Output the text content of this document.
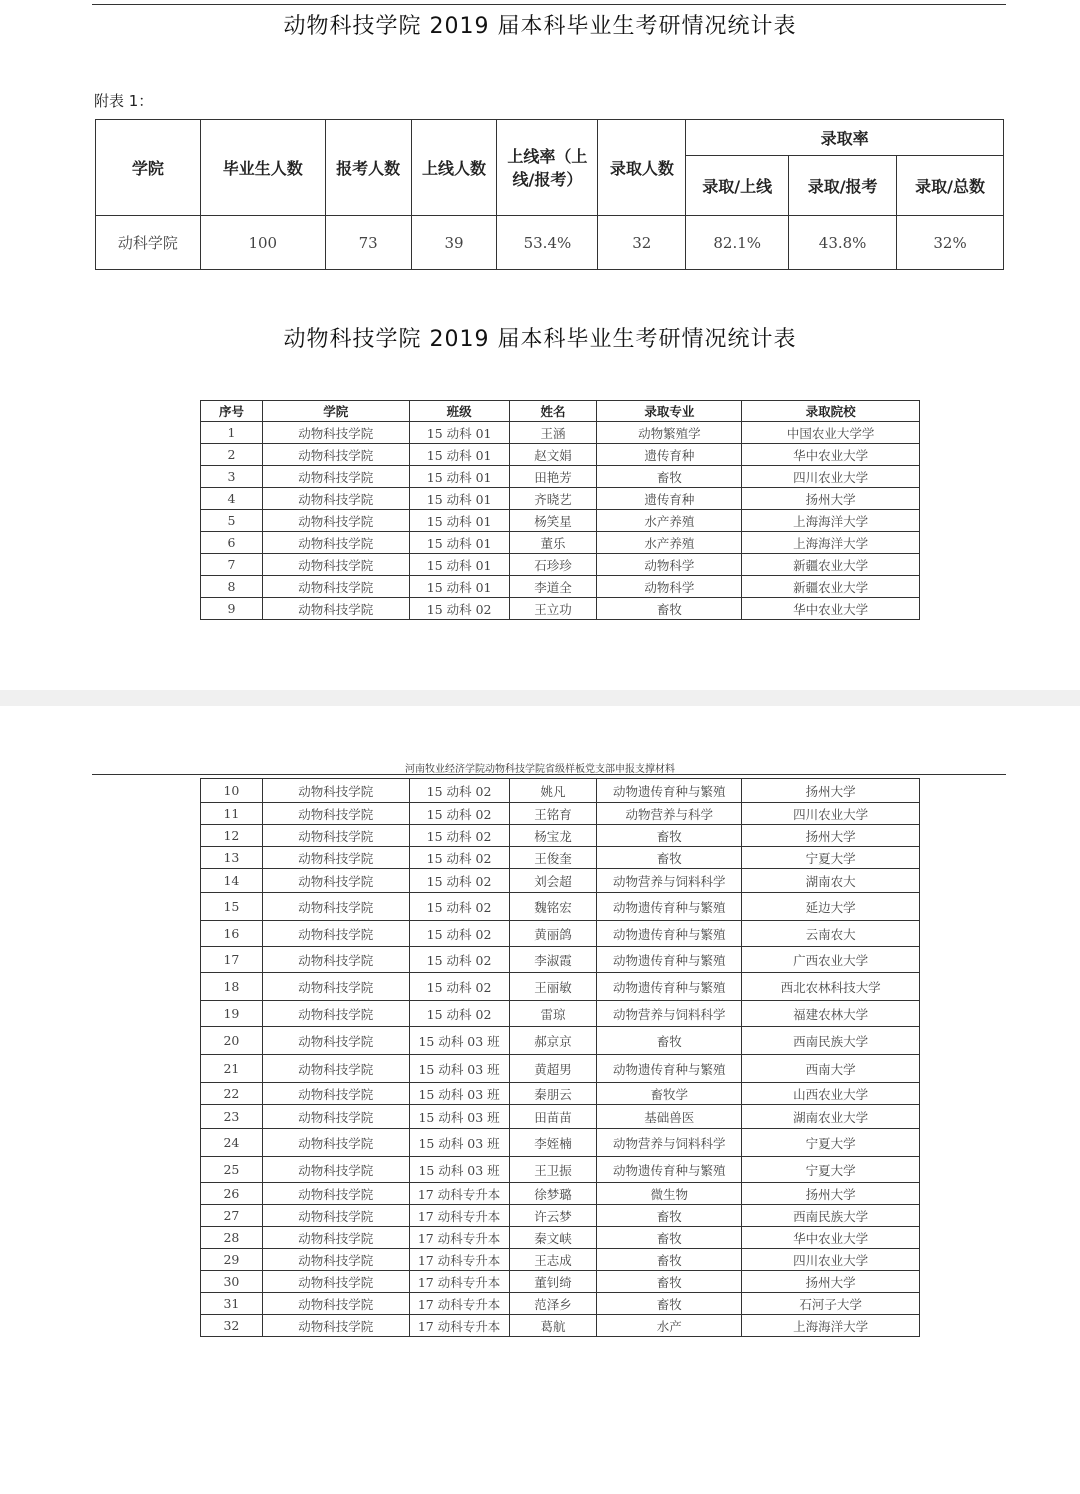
动物科技学院 2019 届本科毕业生考研情况统计表
附表 1：
学院	毕业生人数	报考人数	上线人数	上线率（上线/报考）	录取人数	录取率		
						录取/上线	录取/报考	录取/总数
动科学院	100	73	39	53.4%	32	82.1%	43.8%	32%
动物科技学院 2019 届本科毕业生考研情况统计表
序号	学院	班级	姓名	录取专业	录取院校
1	动物科技学院	15 动科 01	王涵	动物繁殖学	中国农业大学学
2	动物科技学院	15 动科 01	赵文娟	遗传育种	华中农业大学
3	动物科技学院	15 动科 01	田艳芳	畜牧	四川农业大学
4	动物科技学院	15 动科 01	齐晓艺	遗传育种	扬州大学
5	动物科技学院	15 动科 01	杨笑星	水产养殖	上海海洋大学
6	动物科技学院	15 动科 01	董乐	水产养殖	上海海洋大学
7	动物科技学院	15 动科 01	石珍珍	动物科学	新疆农业大学
8	动物科技学院	15 动科 01	李道全	动物科学	新疆农业大学
9	动物科技学院	15 动科 02	王立功	畜牧	华中农业大学
河南牧业经济学院动物科技学院省级样板党支部申报支撑材料
10	动物科技学院	15 动科 02	姚凡	动物遗传育种与繁殖	扬州大学
11	动物科技学院	15 动科 02	王铭育	动物营养与科学	四川农业大学
12	动物科技学院	15 动科 02	杨宝龙	畜牧	扬州大学
13	动物科技学院	15 动科 02	王俊奎	畜牧	宁夏大学
14	动物科技学院	15 动科 02	刘会超	动物营养与饲料科学	湖南农大
15	动物科技学院	15 动科 02	魏铭宏	动物遗传育种与繁殖	延边大学
16	动物科技学院	15 动科 02	黄丽鸽	动物遗传育种与繁殖	云南农大
17	动物科技学院	15 动科 02	李淑霞	动物遗传育种与繁殖	广西农业大学
18	动物科技学院	15 动科 02	王丽敏	动物遗传育种与繁殖	西北农林科技大学
19	动物科技学院	15 动科 02	雷琼	动物营养与饲料科学	福建农林大学
20	动物科技学院	15 动科 03 班	郝京京	畜牧	西南民族大学
21	动物科技学院	15 动科 03 班	黄超男	动物遗传育种与繁殖	西南大学
22	动物科技学院	15 动科 03 班	秦朋云	畜牧学	山西农业大学
23	动物科技学院	15 动科 03 班	田苗苗	基础兽医	湖南农业大学
24	动物科技学院	15 动科 03 班	李姪楠	动物营养与饲料科学	宁夏大学
25	动物科技学院	15 动科 03 班	王卫振	动物遗传育种与繁殖	宁夏大学
26	动物科技学院	17 动科专升本	徐梦璐	微生物	扬州大学
27	动物科技学院	17 动科专升本	许云梦	畜牧	西南民族大学
28	动物科技学院	17 动科专升本	秦文峡	畜牧	华中农业大学
29	动物科技学院	17 动科专升本	王志成	畜牧	四川农业大学
30	动物科技学院	17 动科专升本	董钊绮	畜牧	扬州大学
31	动物科技学院	17 动科专升本	范泽乡	畜牧	石河子大学
32	动物科技学院	17 动科专升本	葛航	水产	上海海洋大学
